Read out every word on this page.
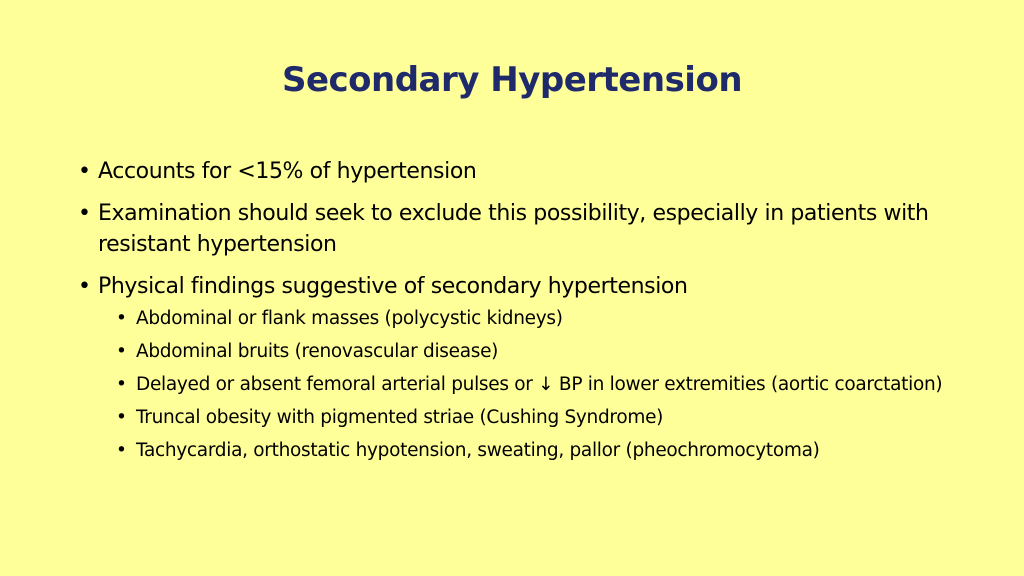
Secondary Hypertension
• Accounts for <15% of hypertension
• Examination should seek to exclude this possibility, especially in patients with resistant hypertension
• Physical findings suggestive of secondary hypertension
• Abdominal or flank masses (polycystic kidneys)
• Abdominal bruits (renovascular disease)
• Delayed or absent femoral arterial pulses or ↓ BP in lower extremities (aortic coarctation)
• Truncal obesity with pigmented striae (Cushing Syndrome)
• Tachycardia, orthostatic hypotension, sweating, pallor (pheochromocytoma)
